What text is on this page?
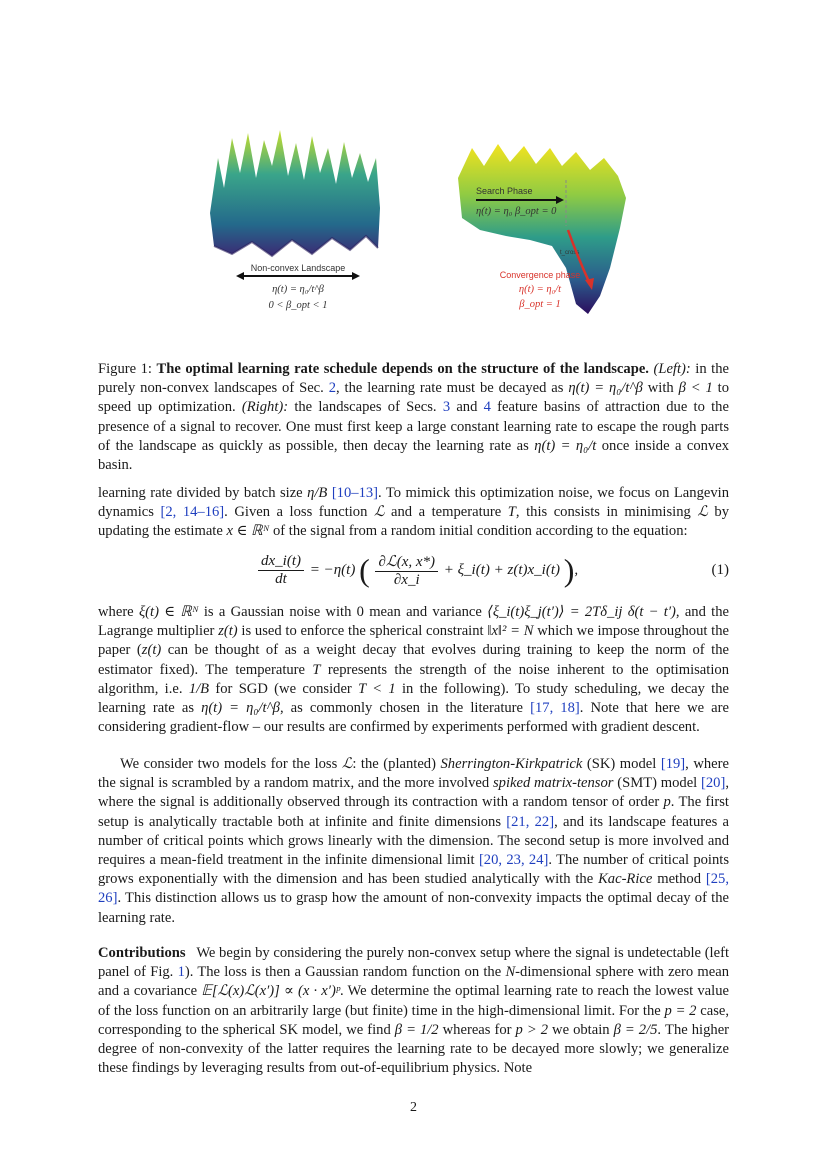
Non-convex Landscape
η(t) = η₀/t^β
0 < β_opt < 1
Search Phase
η(t) = η₀ β_opt = 0
t_cross
Convergence phase
η(t) = η₀/t
β_opt = 1
Figure 1: The optimal learning rate schedule depends on the structure of the landscape. (Left): in the purely non-convex landscapes of Sec. 2, the learning rate must be decayed as η(t) = η₀/t^β with β < 1 to speed up optimization. (Right): the landscapes of Secs. 3 and 4 feature basins of attraction due to the presence of a signal to recover. One must first keep a large constant learning rate to escape the rough parts of the landscape as quickly as possible, then decay the learning rate as η(t) = η₀/t once inside a convex basin.
learning rate divided by batch size η/B [10–13]. To mimick this optimization noise, we focus on Langevin dynamics [2, 14–16]. Given a loss function ℒ and a temperature T, this consists in minimising ℒ by updating the estimate x ∈ ℝᴺ of the signal from a random initial condition according to the equation:
$\frac{dx\_i(t)}{dt} = -\eta(t)$ ( $\frac{\text{∂ℒ(x, x*)}}{\partial x\_i}$ + ξ_i(t) + z(t)x_i(t) ),	(1)
where ξ(t) ∈ ℝᴺ is a Gaussian noise with 0 mean and variance ⟨ξ_i(t)ξ_j(t′)⟩ = 2Tδ_ij δ(t − t′), and the Lagrange multiplier z(t) is used to enforce the spherical constraint ‖x‖² = N which we impose throughout the paper (z(t) can be thought of as a weight decay that evolves during training to keep the norm of the estimator fixed). The temperature T represents the strength of the noise inherent to the optimisation algorithm, i.e. 1/B for SGD (we consider T < 1 in the following). To study scheduling, we decay the learning rate as η(t) = η₀/t^β, as commonly chosen in the literature [17, 18]. Note that here we are considering gradient-flow – our results are confirmed by experiments performed with gradient descent.
We consider two models for the loss ℒ: the (planted) Sherrington-Kirkpatrick (SK) model [19], where the signal is scrambled by a random matrix, and the more involved spiked matrix-tensor (SMT) model [20], where the signal is additionally observed through its contraction with a random tensor of order p. The first setup is analytically tractable both at infinite and finite dimensions [21, 22], and its landscape features a number of critical points which grows linearly with the dimension. The second setup is more involved and requires a mean-field treatment in the infinite dimensional limit [20, 23, 24]. The number of critical points grows exponentially with the dimension and has been studied analytically with the Kac-Rice method [25, 26]. This distinction allows us to grasp how the amount of non-convexity impacts the optimal decay of the learning rate.
Contributions We begin by considering the purely non-convex setup where the signal is undetectable (left panel of Fig. 1). The loss is then a Gaussian random function on the N-dimensional sphere with zero mean and a covariance 𝔼[ℒ(x)ℒ(x′)] ∝ (x · x′)ᵖ. We determine the optimal learning rate to reach the lowest value of the loss function on an arbitrarily large (but finite) time in the high-dimensional limit. For the p = 2 case, corresponding to the spherical SK model, we find β = 1/2 whereas for p > 2 we obtain β = 2/5. The higher degree of non-convexity of the latter requires the learning rate to be decayed more slowly; we generalize these findings by leveraging results from out-of-equilibrium physics. Note
2
